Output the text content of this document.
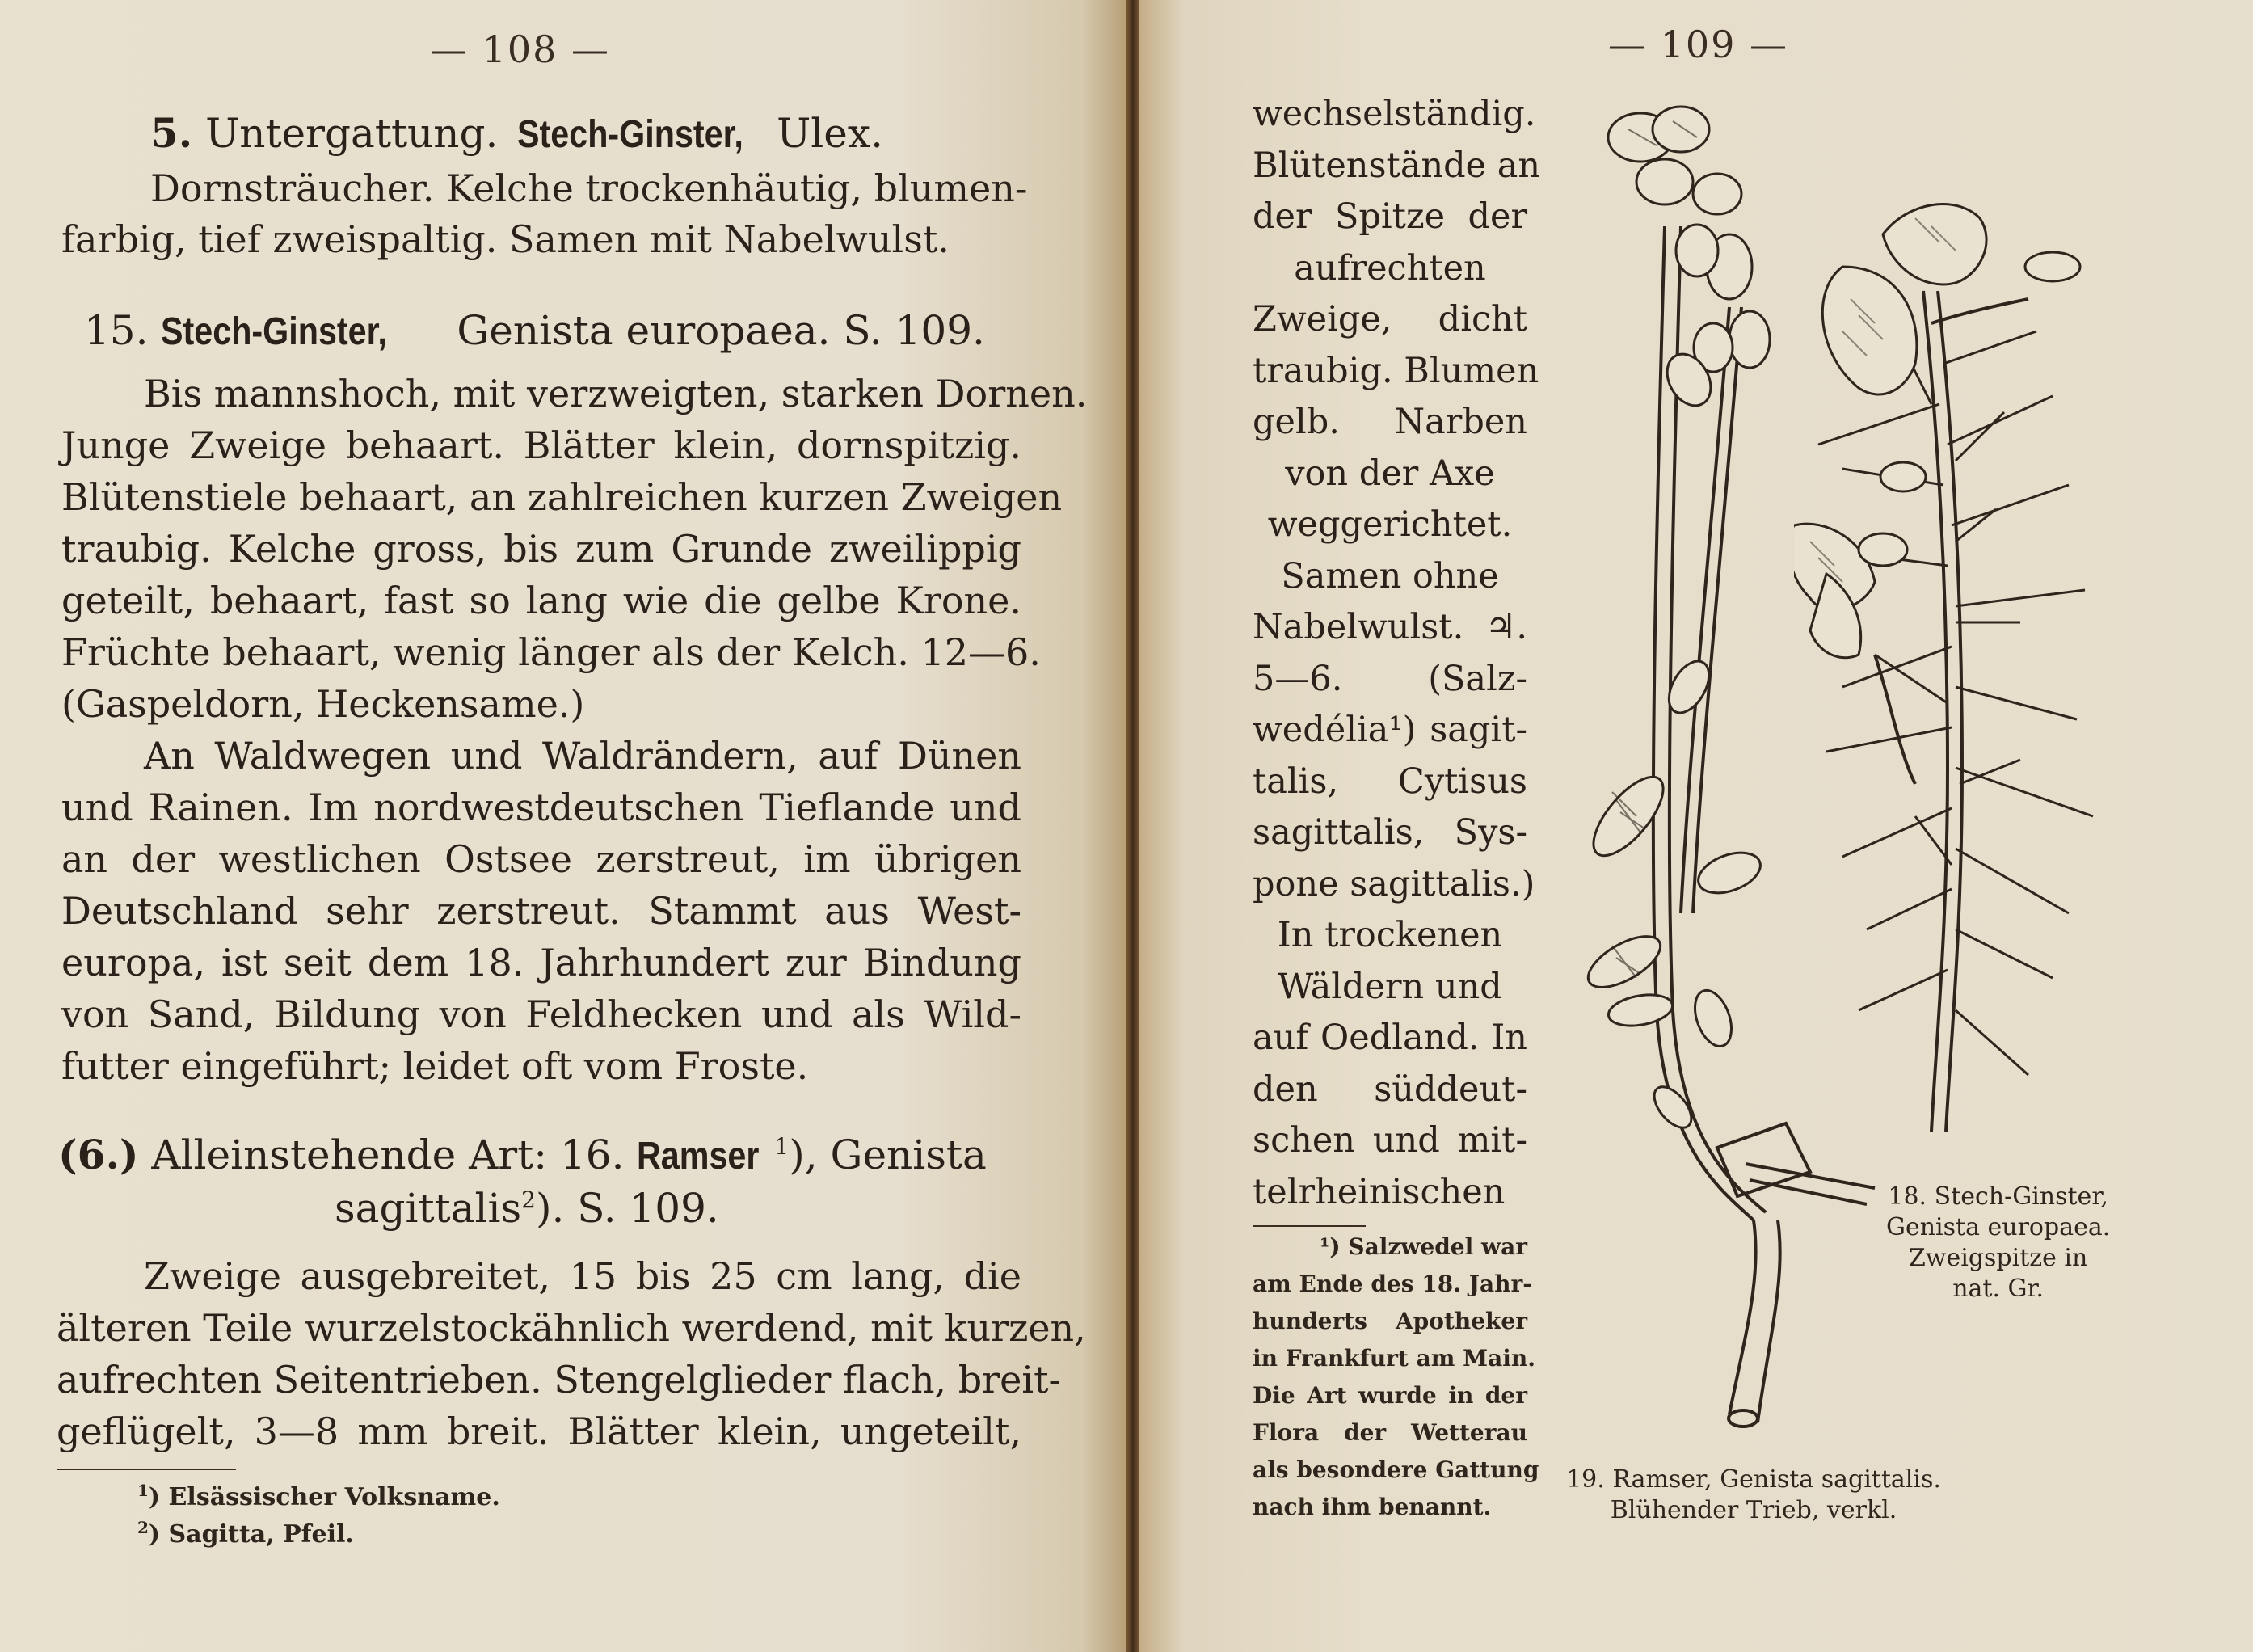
— 108 —
5. Untergattung. Stech-Ginster, Ulex.
Dornsträucher. Kelche trockenhäutig, blumen-
farbig, tief zweispaltig. Samen mit Nabelwulst.
15. Stech-Ginster, Genista europaea. S. 109.
Bis mannshoch, mit verzweigten, starken Dornen.
Junge Zweige behaart. Blätter klein, dornspitzig.
Blütenstiele behaart, an zahlreichen kurzen Zweigen
traubig. Kelche gross, bis zum Grunde zweilippig
geteilt, behaart, fast so lang wie die gelbe Krone.
Früchte behaart, wenig länger als der Kelch. 12—6.
(Gaspeldorn, Heckensame.)
An Waldwegen und Waldrändern, auf Dünen
und Rainen. Im nordwestdeutschen Tieflande und
an der westlichen Ostsee zerstreut, im übrigen
Deutschland sehr zerstreut. Stammt aus West-
europa, ist seit dem 18. Jahrhundert zur Bindung
von Sand, Bildung von Feldhecken und als Wild-
futter eingeführt; leidet oft vom Froste.
(6.) Alleinstehende Art: 16. Ramser $^1$), Genista
sagittalis$^2$). S. 109.
Zweige ausgebreitet, 15 bis 25 cm lang, die
älteren Teile wurzelstockähnlich werdend, mit kurzen,
aufrechten Seitentrieben. Stengelglieder flach, breit-
geflügelt, 3—8 mm breit. Blätter klein, ungeteilt,
$^1$) Elsässischer Volksname.
$^2$) Sagitta, Pfeil.
— 109 —
wechselständig.
Blütenstände an
der Spitze der
aufrechten
Zweige, dicht
traubig. Blumen
gelb. Narben
von der Axe
weggerichtet.
Samen ohne
Nabelwulst. ♃.
5—6. (Salz-
wedélia¹) sagit-
talis, Cytisus
sagittalis, Sys-
pone sagittalis.)
In trockenen
Wäldern und
auf Oedland. In
den süddeut-
schen und mit-
telrheinischen
¹) Salzwedel war
am Ende des 18. Jahr-
hunderts Apotheker
in Frankfurt am Main.
Die Art wurde in der
Flora der Wetterau
als besondere Gattung
nach ihm benannt.
18. Stech-Ginster,
Genista europaea.
Zweigspitze in
nat. Gr.
19. Ramser, Genista sagittalis.
Blühender Trieb, verkl.
